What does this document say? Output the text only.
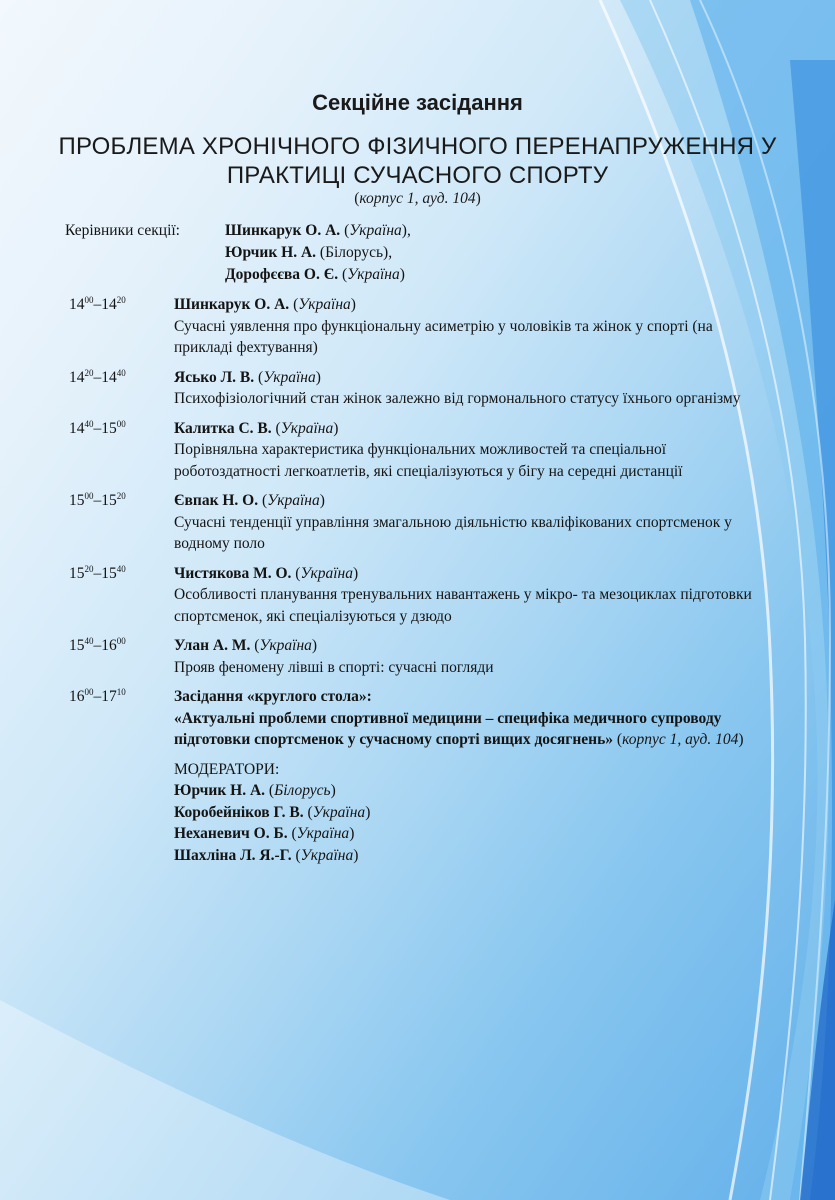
Секційне засідання
ПРОБЛЕМА ХРОНІЧНОГО ФІЗИЧНОГО ПЕРЕНАПРУЖЕННЯ У ПРАКТИЦІ СУЧАСНОГО СПОРТУ
(корпус 1, ауд. 104)
Керівники секції:	Шинкарук О. А. (Україна),
Юрчик Н. А. (Білорусь),
Дорофєєва О. Є. (Україна)
$14^{00}-14^{20}$	Шинкарук О. А. (Україна)

Сучасні уявлення про функціональну асиметрію у чоловіків та жінок у спорті (на прикладі фехтування)

$14^{20}-14^{40}$	Ясько Л. В. (Україна)

Психофізіологічний стан жінок залежно від гормонального статусу їхнього організму

$14^{40}-15^{00}$	Калитка С. В. (Україна)

Порівняльна характеристика функціональних можливостей та спеціальної роботоздатності легкоатлетів, які спеціалізуються у бігу на середні дистанції

$15^{00}-15^{20}$	Євпак Н. О. (Україна)

Сучасні тенденції управління змагальною діяльністю кваліфікованих спортсменок у водному поло

$15^{20}-15^{40}$	Чистякова М. О. (Україна)

Особливості планування тренувальних навантажень у мікро- та мезоциклах підготовки спортсменок, які спеціалізуються у дзюдо

$15^{40}-16^{00}$	Улан А. М. (Україна)

Прояв феномену лівші в спорті: сучасні погляди

$16^{00}-17^{10}$	Засідання «круглого стола»:

«Актуальні проблеми спортивної медицини – специфіка медичного супроводу підготовки спортсменок у сучасному спорті вищих досягнень» (корпус 1, ауд. 104)

МОДЕРАТОРИ:

Юрчик Н. А. (Білорусь)

Коробейніков Г. В. (Україна)

Неханевич О. Б. (Україна)

Шахліна Л. Я.-Г. (Україна)
